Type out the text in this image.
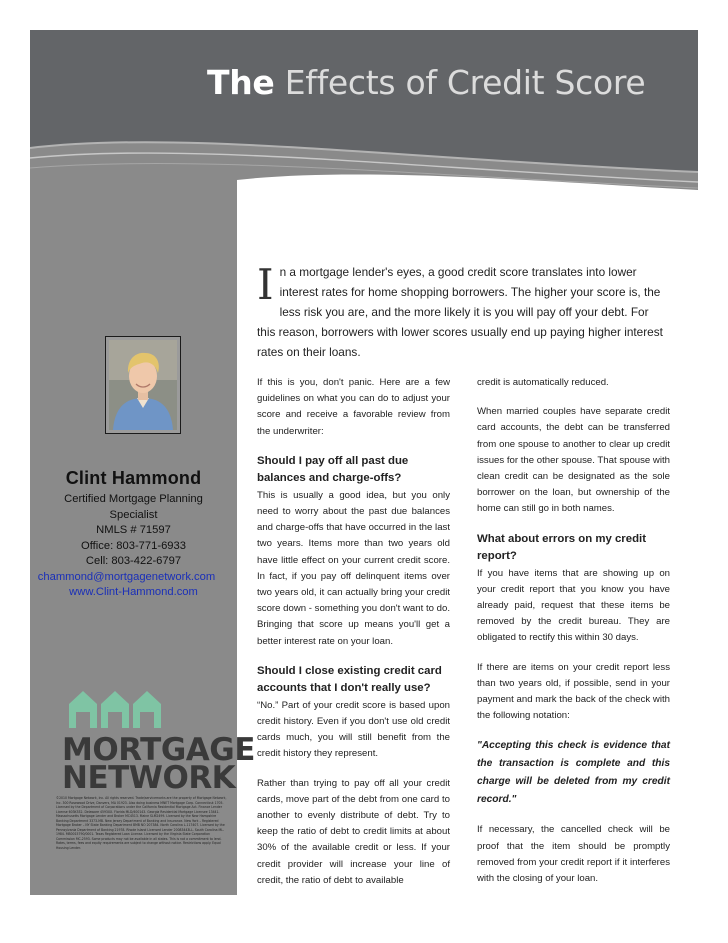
The Effects of Credit Score

Clint Hammond

Certified Mortgage Planning

Specialist

NMLS # 71597

Office: 803-771-6933

Cell: 803-422-6797

chammond@mortgagenetwork.com

www.Clint-Hammond.com

MORTGAGE

NETWORK

©2010 Mortgage Network, Inc. All rights reserved. Trade/servicemarks are the property of Mortgage Network, Inc. 300 Rosewood Drive, Danvers, MA 01923. Also doing business MNET Mortgage Corp. Connecticut 1705. Licensed by the Department of Corporations under the California Residential Mortgage Act. Finance Lender License 603K532. Delaware 4593XX. Florida MLD/400143. Georgia Residential Mortgage Licensee 13441. Massachusetts Mortgage Lender and Broker MC4513. Maine SLM2499. Licensed by the New Hampshire Banking Department 3373-MB. New Jersey Department of Banking and Insurance. New York – Registered Mortgage Broker – NY State Banking Department BMB NO 207384. North Carolina L-117407. Licensed by the Pennsylvania Department of Banking 21978. Rhode Island Licensed Lender 20083443LL. South Carolina ML-1984. MB0015790/0001. Texas Registered Loan License. Licensed by the Virginia State Corporation Commission MC-2593. Some products may not be available in all states. This is not a commitment to lend. Rates, terms, fees and equity requirements are subject to change without notice. Restrictions apply. Equal Housing Lender.

In a mortgage lender's eyes, a good credit score translates into lower interest rates for home shopping borrowers. The higher your score is, the less risk you are, and the more likely it is you will pay off your debt. For this reason, borrowers with lower scores usually end up paying higher interest rates on their loans.

If this is you, don't panic. Here are a few guidelines on what you can do to adjust your score and receive a favorable review from the underwriter:

Should I pay off all past due balances and charge-offs?

This is usually a good idea, but you only need to worry about the past due balances and charge-offs that have occurred in the last two years. Items more than two years old have little effect on your current credit score. In fact, if you pay off delinquent items over two years old, it can actually bring your credit score down - something you don't want to do. Bringing that score up means you'll get a better interest rate on your loan.

Should I close existing credit card accounts that I don't really use?

“No.” Part of your credit score is based upon credit history. Even if you don't use old credit cards much, you will still benefit from the credit history they represent.

Rather than trying to pay off all your credit cards, move part of the debt from one card to another to evenly distribute of debt. Try to keep the ratio of debt to credit limits at about 30% of the available credit or less. If your credit provider will increase your line of credit, the ratio of debt to available

credit is automatically reduced.

When married couples have separate credit card accounts, the debt can be transferred from one spouse to another to clear up credit issues for the other spouse. That spouse with clean credit can be designated as the sole borrower on the loan, but ownership of the home can still go in both names.

What about errors on my credit report?

If you have items that are showing up on your credit report that you know you have already paid, request that these items be removed by the credit bureau. They are obligated to rectify this within 30 days.

If there are items on your credit report less than two years old, if possible, send in your payment and mark the back of the check with the following notation:

"Accepting this check is evidence that the transaction is complete and this charge will be deleted from my credit record."

If necessary, the cancelled check will be proof that the item should be promptly removed from your credit report if it interferes with the closing of your loan.
